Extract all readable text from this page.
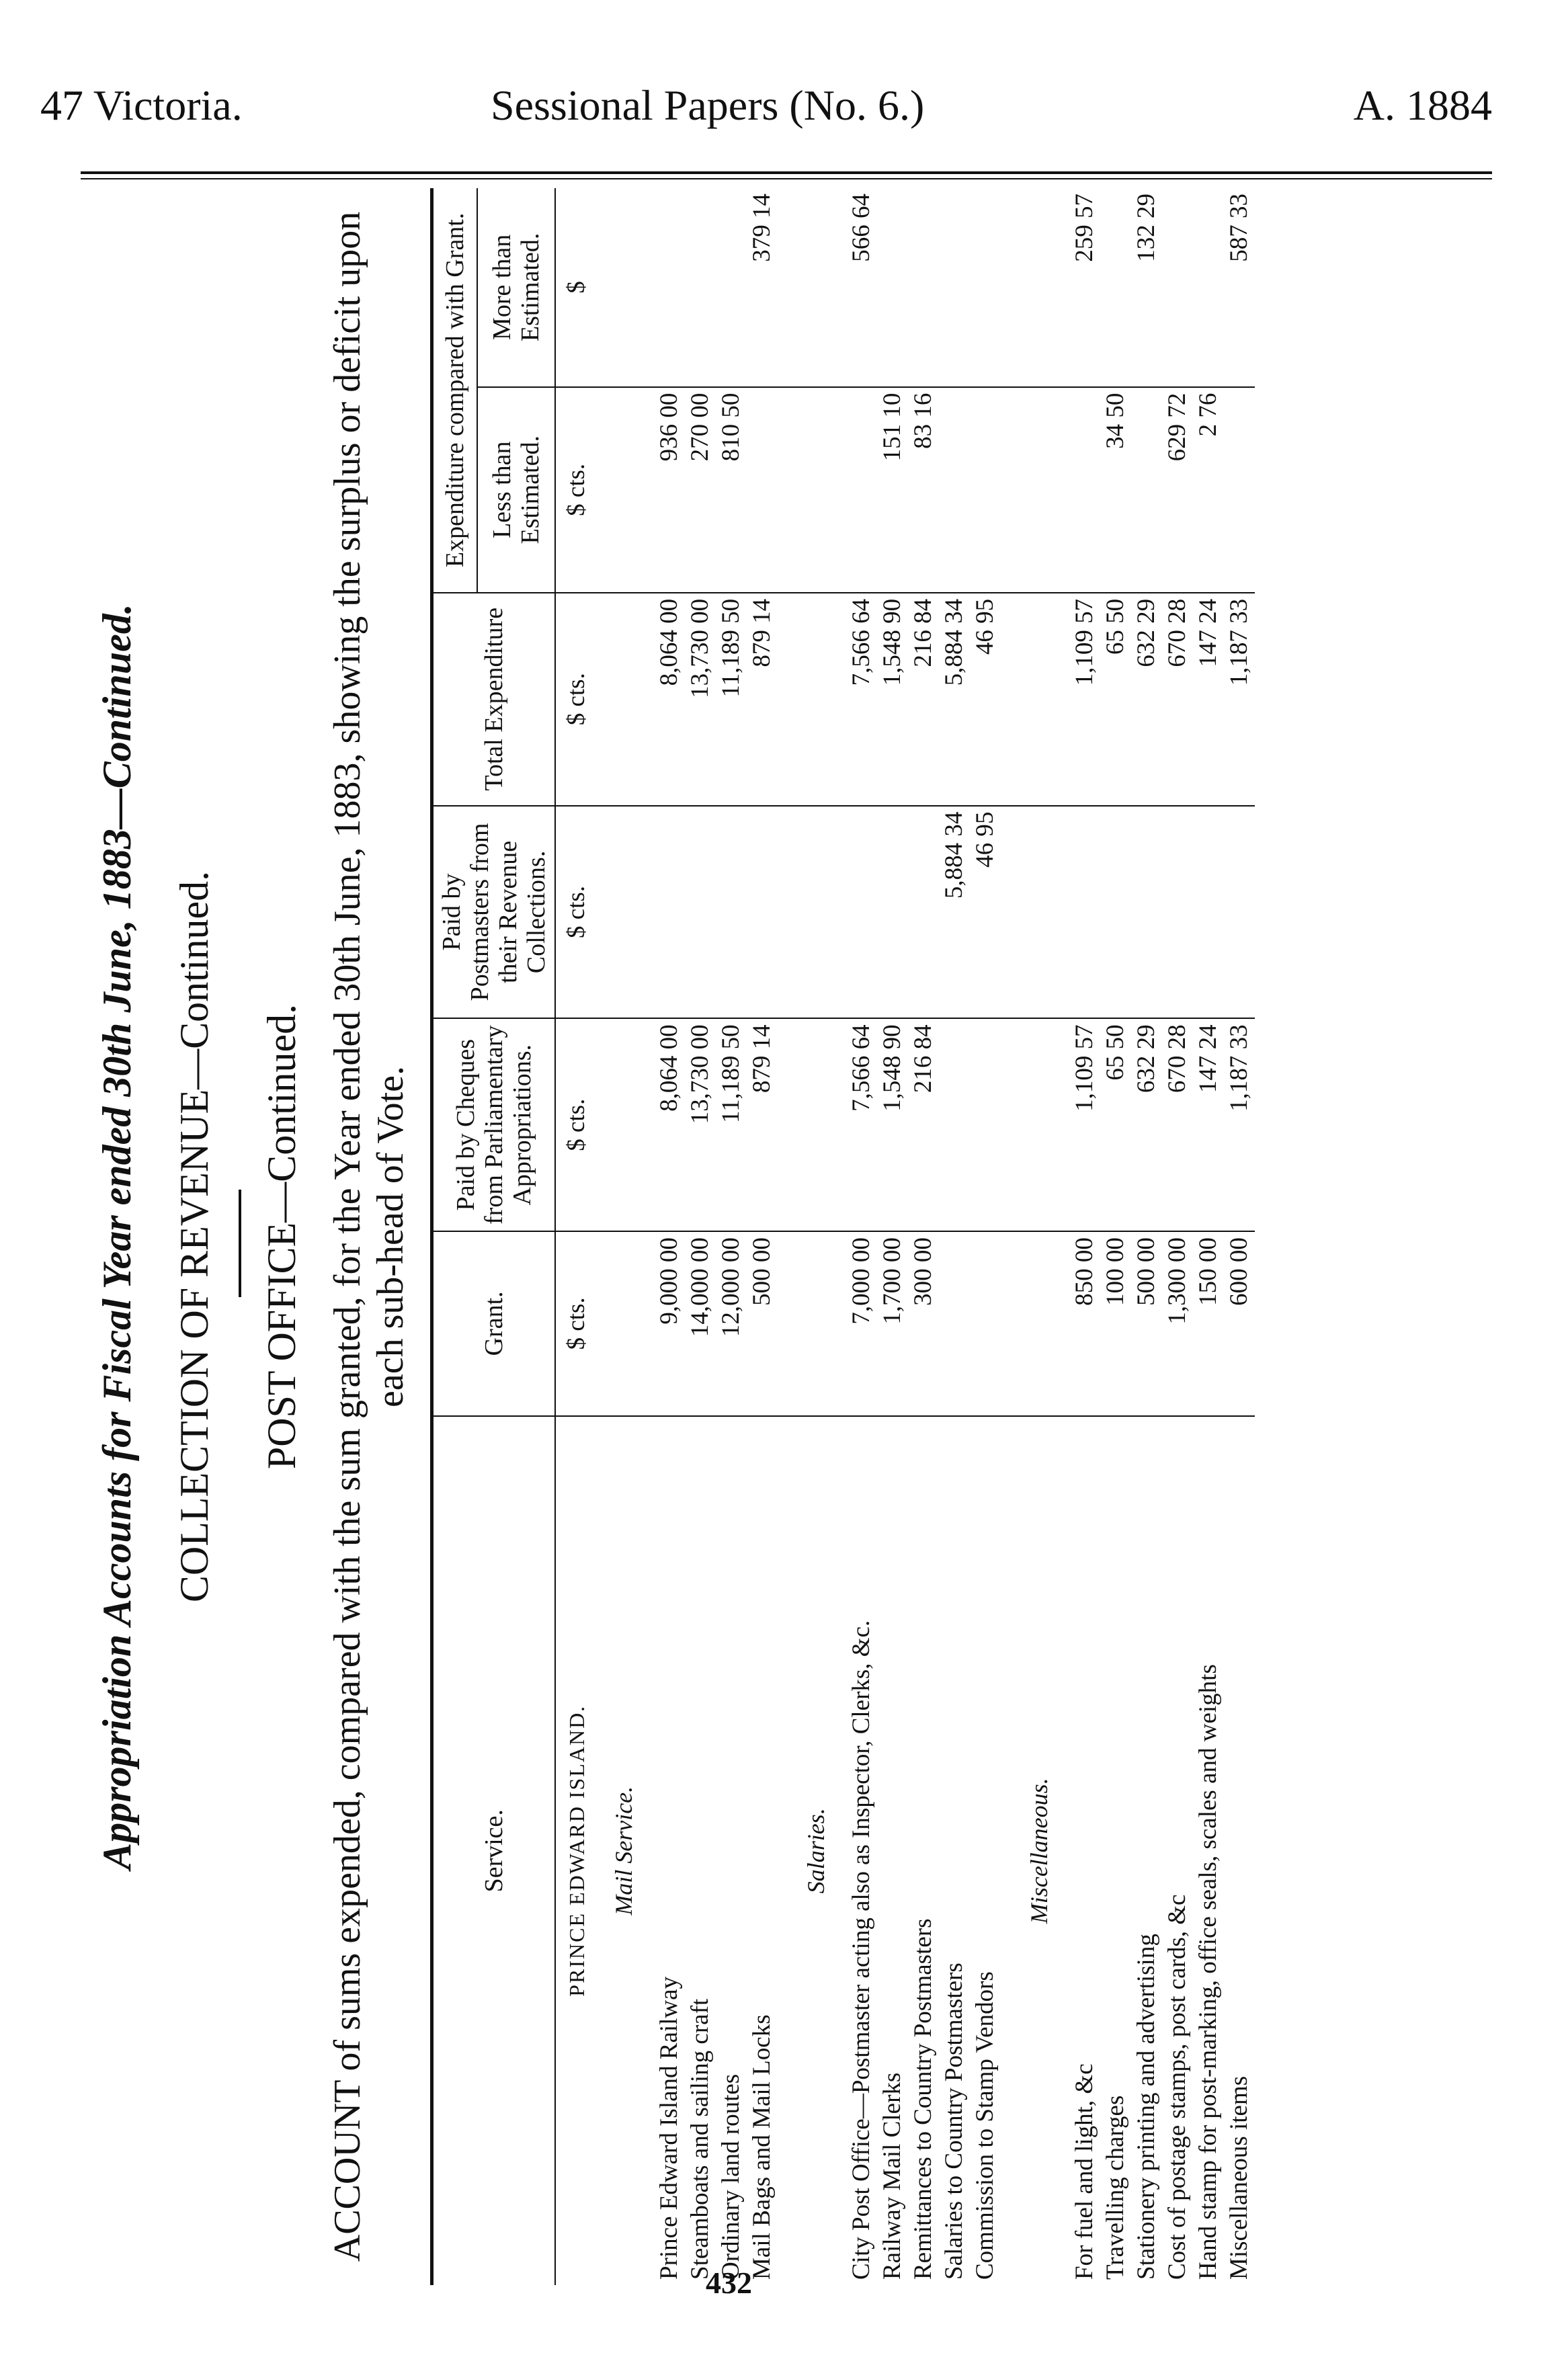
47 Victoria.	Sessional Papers (No. 6.)	A. 1884
Appropriation Accounts for Fiscal Year ended 30th June, 1883—Continued. COLLECTION OF REVENUE—Continued. POST OFFICE—Continued. ACCOUNT of sums expended, compared with the sum granted, for the Year ended 30th June, 1883, showing the surplus or deficit upon each sub-head of Vote.
Service.	Grant.	Paid by Cheques from Parliamentary Appropriations.	Paid by Postmasters from their Revenue Collections.	Total Expenditure	Expenditure compared with Grant.	
					Less than Estimated.	More than Estimated.
PRINCE EDWARD ISLAND.	$ cts.	$ cts.	$ cts.	$ cts.	$ cts.	$
Mail Service.						
Prince Edward Island Railway	9,000 00	8,064 00		8,064 00	936 00	
Steamboats and sailing craft	14,000 00	13,730 00		13,730 00	270 00	
Ordinary land routes	12,000 00	11,189 50		11,189 50	810 50	
Mail Bags and Mail Locks	500 00	879 14		879 14		379 14

Salaries.						
City Post Office—Postmaster acting also as Inspector, Clerks, &c.	7,000 00	7,566 64		7,566 64		566 64
Railway Mail Clerks	1,700 00	1,548 90		1,548 90	151 10	
Remittances to Country Postmasters	300 00	216 84		216 84	83 16	
Salaries to Country Postmasters			5,884 34	5,884 34		
Commission to Stamp Vendors			46 95	46 95		

Miscellaneous.						
For fuel and light, &c	850 00	1,109 57		1,109 57		259 57
Travelling charges	100 00	65 50		65 50	34 50	
Stationery printing and advertising	500 00	632 29		632 29		132 29
Cost of postage stamps, post cards, &c	1,300 00	670 28		670 28	629 72	
Hand stamp for post-marking, office seals, scales and weights	150 00	147 24		147 24	2 76	
Miscellaneous items	600 00	1,187 33		1,187 33		587 33
432
